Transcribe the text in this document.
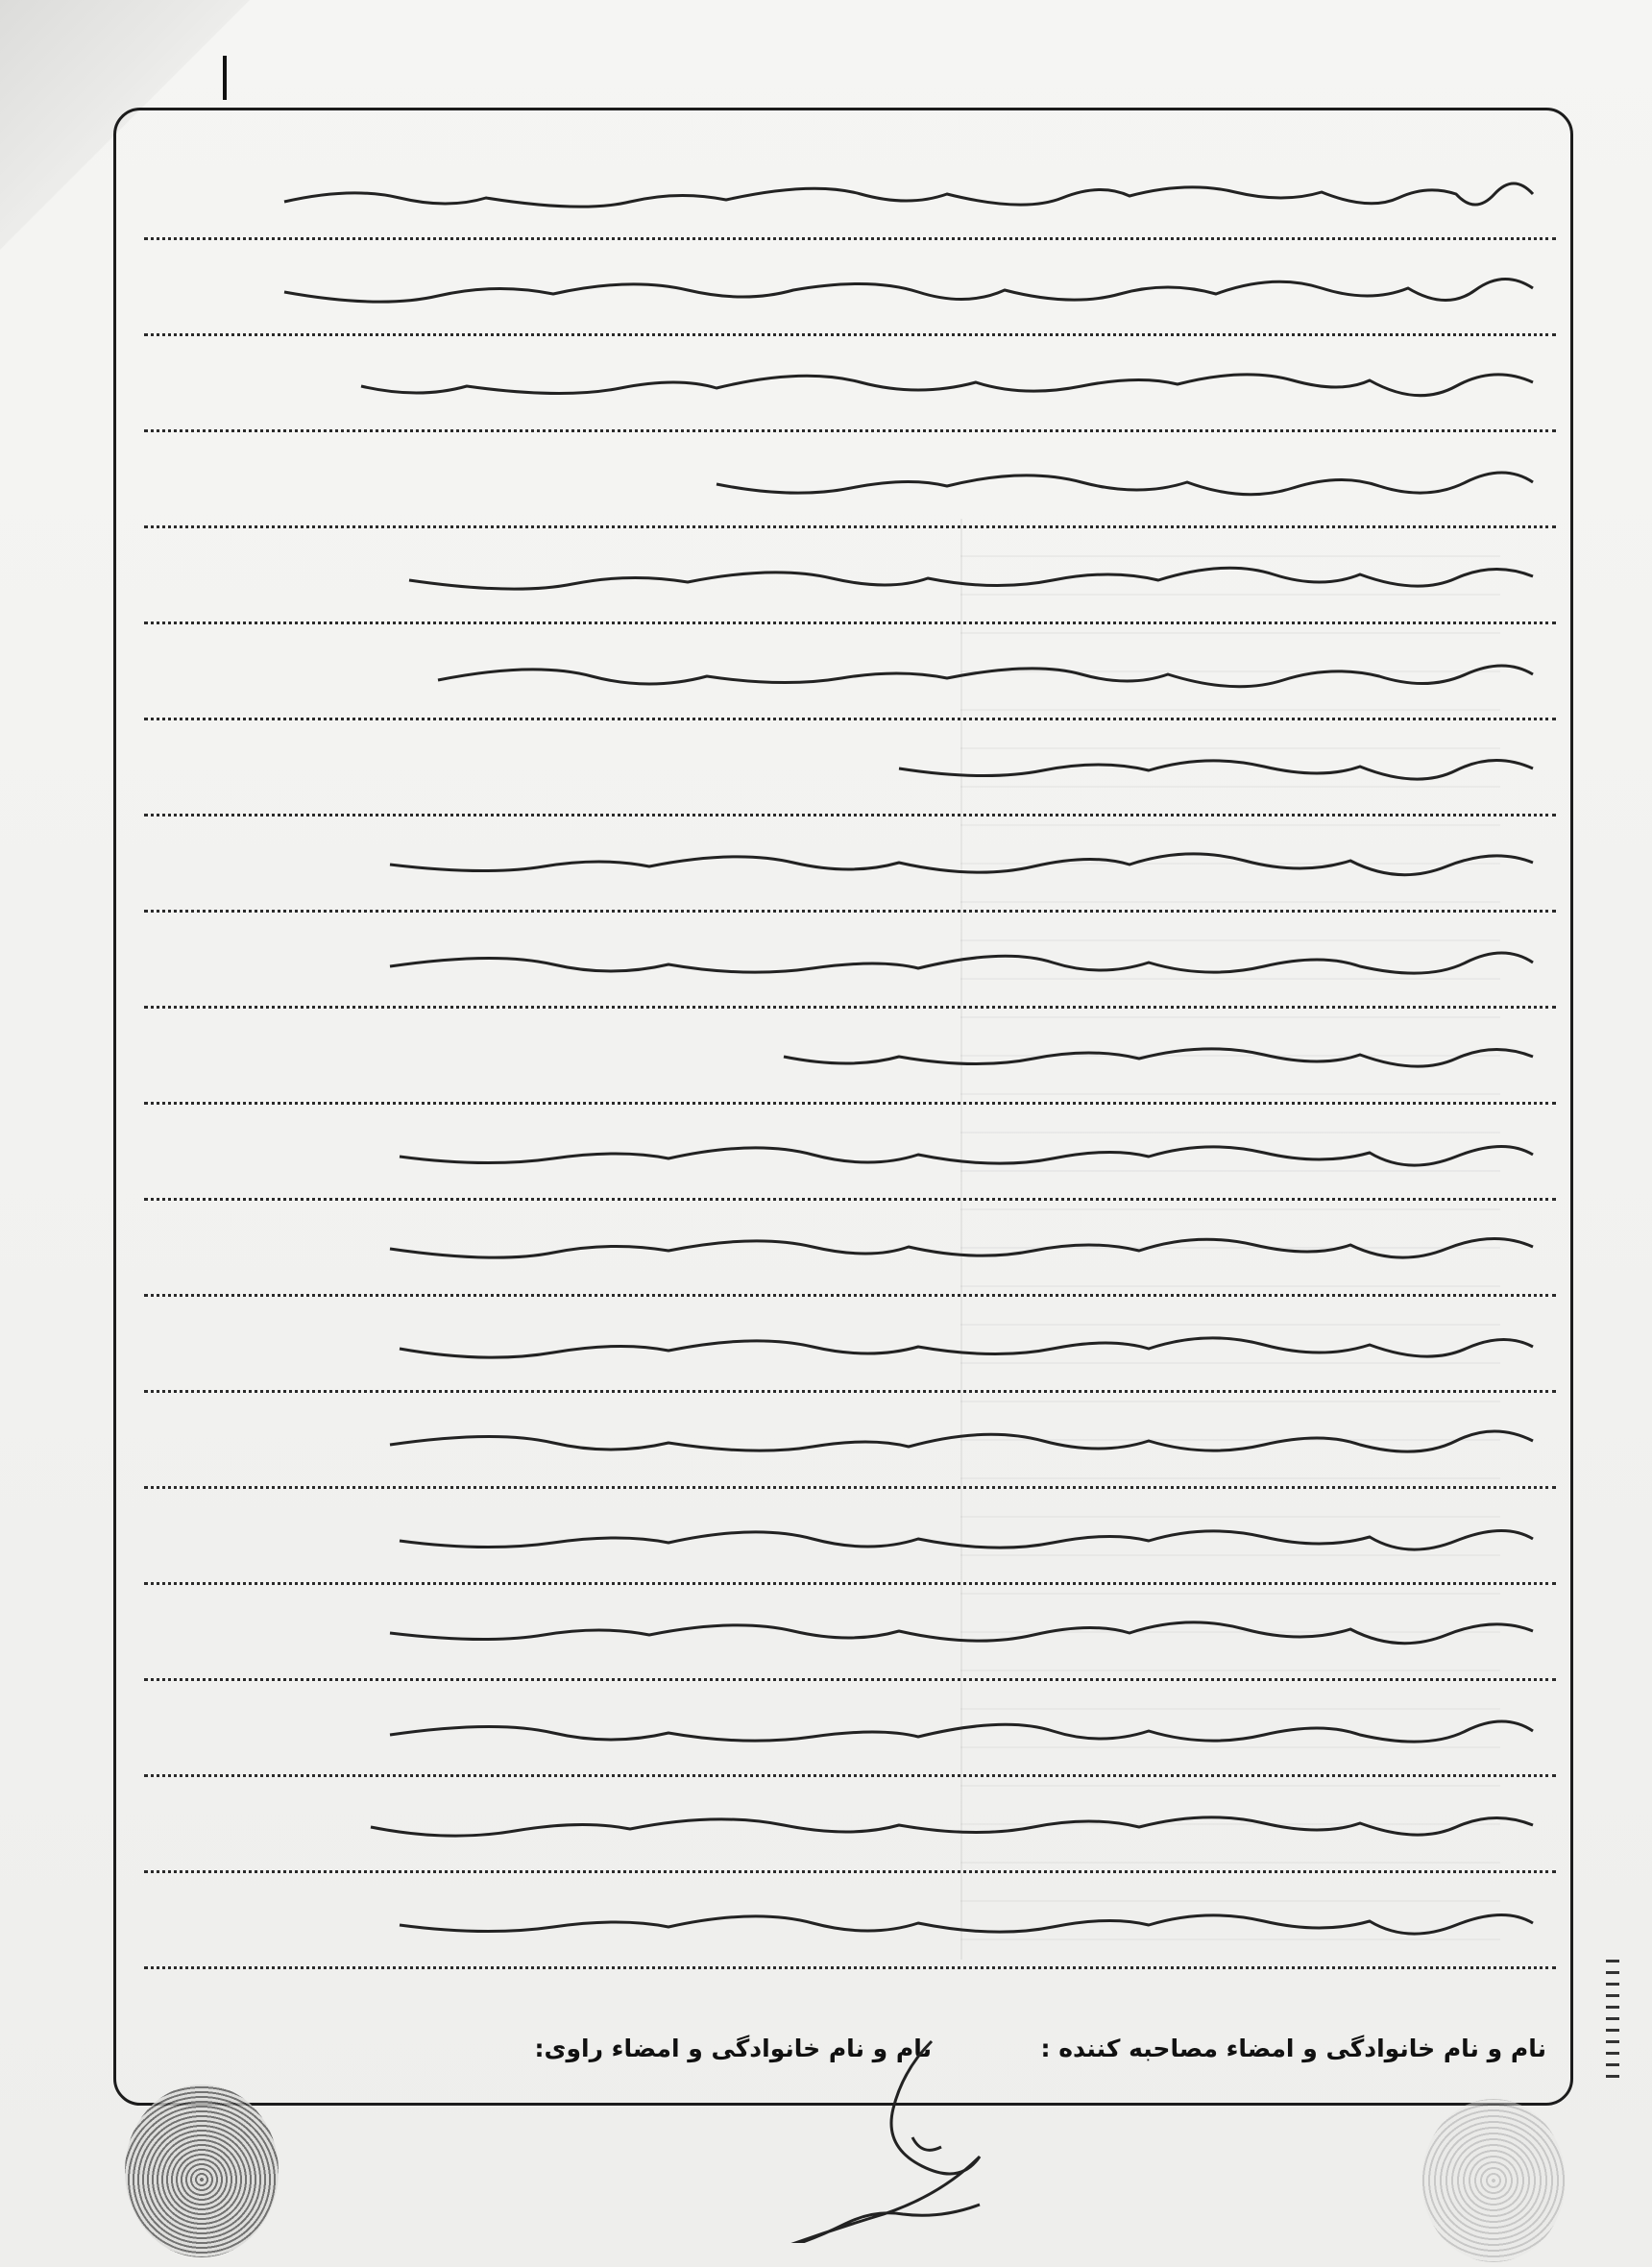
نام و نام خانوادگی و امضاء مصاحبه کننده :
نام و نام خانوادگی و امضاء راوی:
